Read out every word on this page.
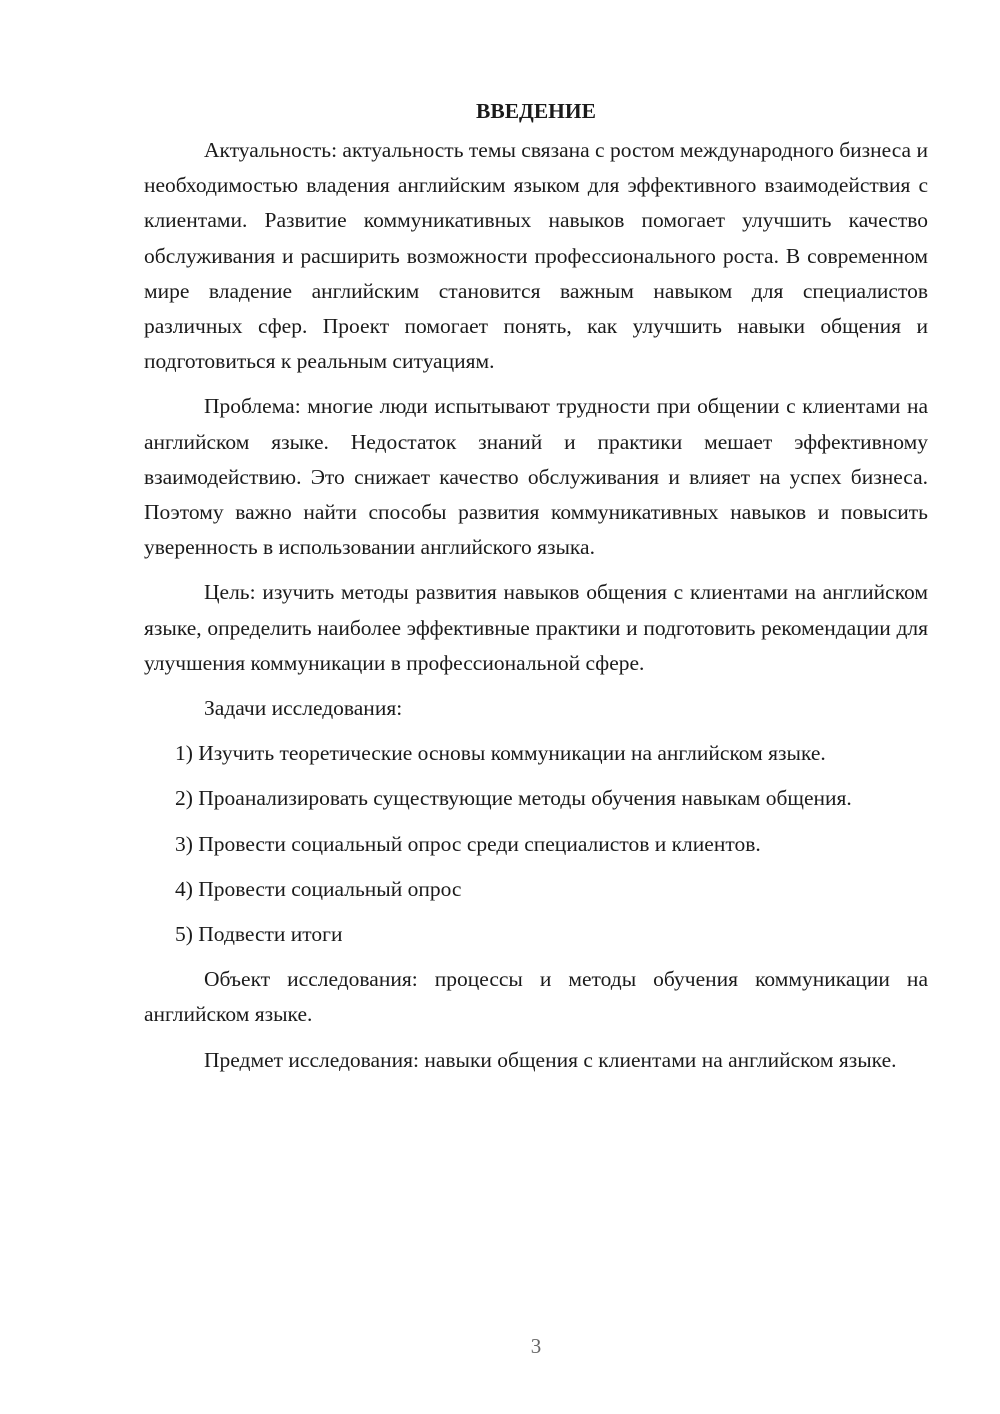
ВВЕДЕНИЕ

Актуальность: актуальность темы связана с ростом международного бизнеса и необходимостью владения английским языком для эффективного взаимодействия с клиентами. Развитие коммуникативных навыков помогает улучшить качество обслуживания и расширить возможности профессионального роста. В современном мире владение английским становится важным навыком для специалистов различных сфер. Проект помогает понять, как улучшить навыки общения и подготовиться к реальным ситуациям.

Проблема: многие люди испытывают трудности при общении с клиентами на английском языке. Недостаток знаний и практики мешает эффективному взаимодействию. Это снижает качество обслуживания и влияет на успех бизнеса. Поэтому важно найти способы развития коммуникативных навыков и повысить уверенность в использовании английского языка.

Цель: изучить методы развития навыков общения с клиентами на английском языке, определить наиболее эффективные практики и подготовить рекомендации для улучшения коммуникации в профессиональной сфере.

Задачи исследования:

1) Изучить теоретические основы коммуникации на английском языке.

2) Проанализировать существующие методы обучения навыкам общения.

3) Провести социальный опрос среди специалистов и клиентов.

4) Провести социальный опрос

5) Подвести итоги

Объект исследования: процессы и методы обучения коммуникации на английском языке.

Предмет исследования: навыки общения с клиентами на английском языке.

3
